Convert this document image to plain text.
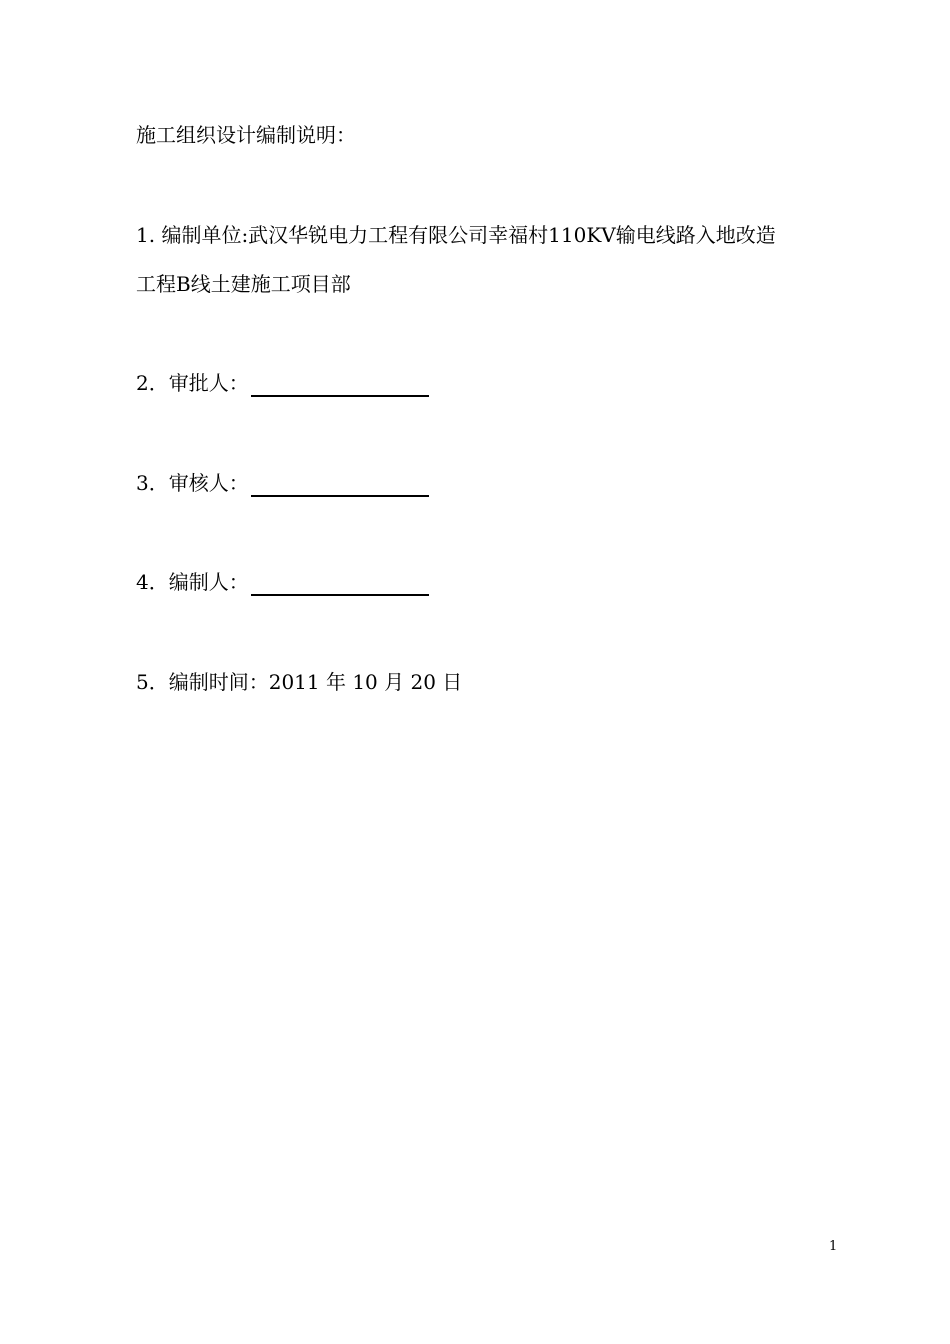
施工组织设计编制说明：
1. 编制单位:武汉华锐电力工程有限公司幸福村110KV输电线路入地改造
工程B线土建施工项目部
2．审批人：
3．审核人：
4．编制人：
5．编制时间：2011 年 10 月 20 日
1
